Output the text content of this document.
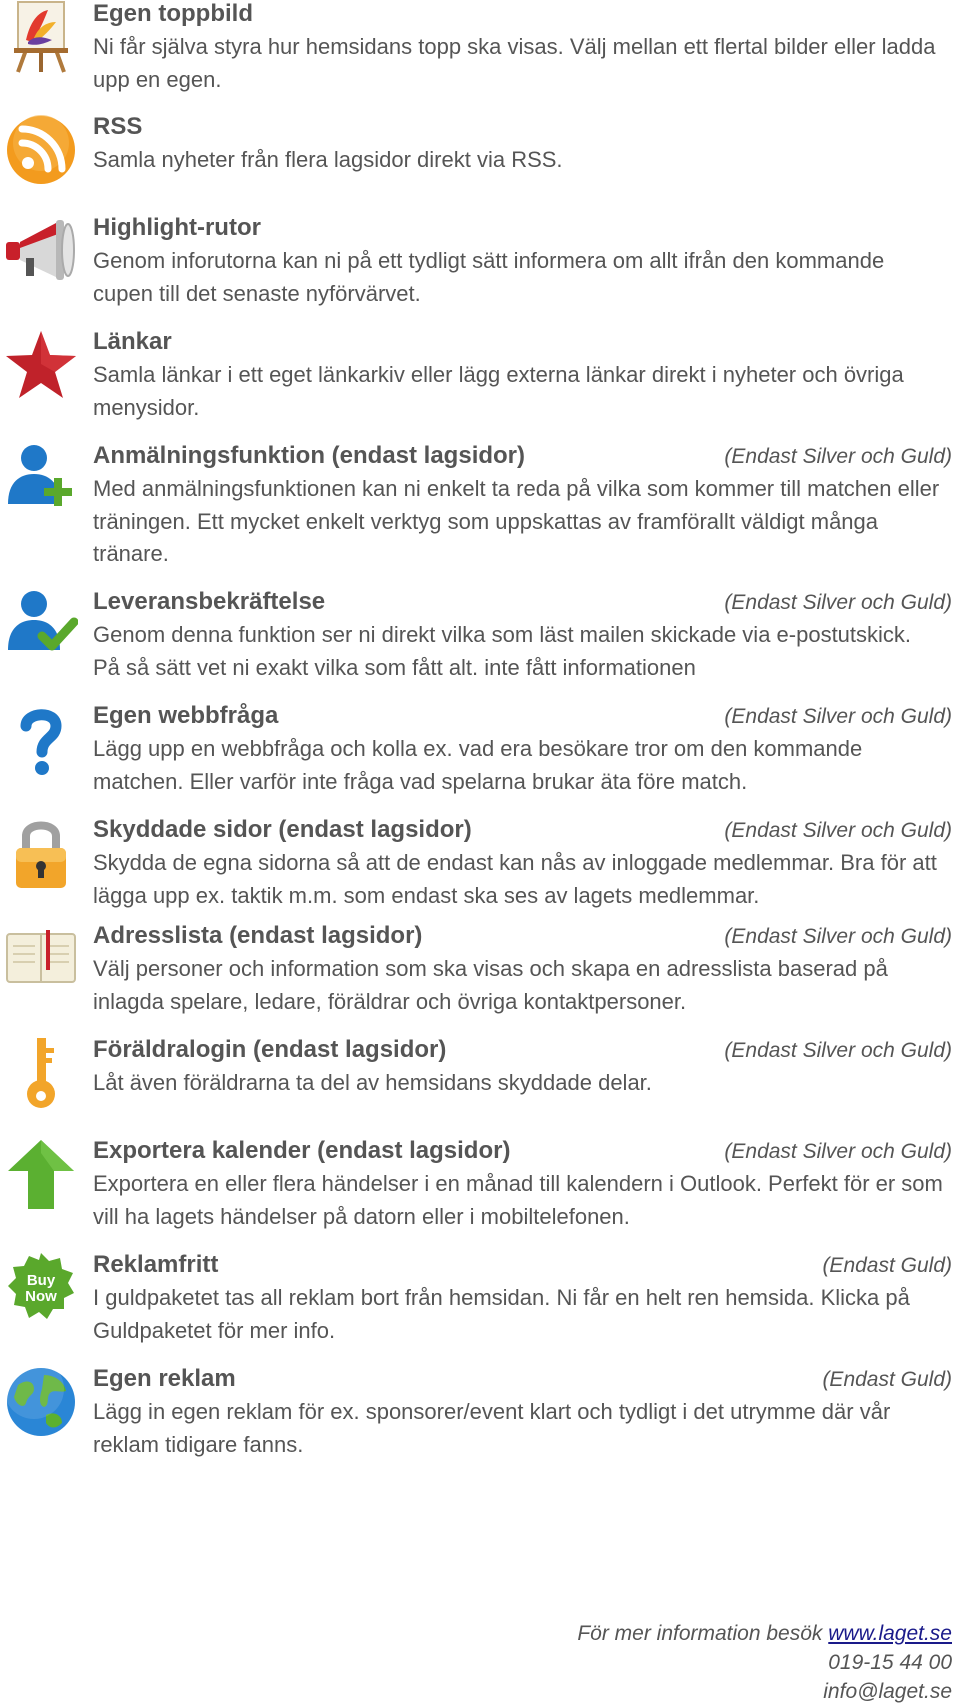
Egen toppbild
Ni får själva styra hur hemsidans topp ska visas. Välj mellan ett flertal bilder eller ladda upp en egen.
RSS
Samla nyheter från flera lagsidor direkt via RSS.
Highlight-rutor
Genom inforutorna kan ni på ett tydligt sätt informera om allt ifrån den kommande cupen till det senaste nyförvärvet.
Länkar
Samla länkar i ett eget länkarkiv eller lägg externa länkar direkt i nyheter och övriga menysidor.
Anmälningsfunktion (endast lagsidor)	(Endast Silver och Guld)
Med anmälningsfunktionen kan ni enkelt ta reda på vilka som kommer till matchen eller träningen. Ett mycket enkelt verktyg som uppskattas av framförallt väldigt många tränare.
Leveransbekräftelse	(Endast Silver och Guld)
Genom denna funktion ser ni direkt vilka som läst mailen skickade via e-postutskick. På så sätt vet ni exakt vilka som fått alt. inte fått informationen
Egen webbfråga	(Endast Silver och Guld)
Lägg upp en webbfråga och kolla ex. vad era besökare tror om den kommande matchen. Eller varför inte fråga vad spelarna brukar äta före match.
Skyddade sidor (endast lagsidor)	(Endast Silver och Guld)
Skydda de egna sidorna så att de endast kan nås av inloggade medlemmar. Bra för att lägga upp ex. taktik m.m. som endast ska ses av lagets medlemmar.
Adresslista (endast lagsidor)	(Endast Silver och Guld)
Välj personer och information som ska visas och skapa en adresslista baserad på inlagda spelare, ledare, föräldrar och övriga kontaktpersoner.
Föräldralogin (endast lagsidor)	(Endast Silver och Guld)
Låt även föräldrarna ta del av hemsidans skyddade delar.
Exportera kalender (endast lagsidor)	(Endast Silver och Guld)
Exportera en eller flera händelser i en månad till kalendern i Outlook. Perfekt för er som vill ha lagets händelser på datorn eller i mobiltelefonen.
Buy
Now
Reklamfritt	(Endast Guld)
I guldpaketet tas all reklam bort från hemsidan. Ni får en helt ren hemsida. Klicka på Guldpaketet för mer info.
Egen reklam	(Endast Guld)
Lägg in egen reklam för ex. sponsorer/event klart och tydligt i det utrymme där vår reklam tidigare fanns.
För mer information besök www.laget.se
019-15 44 00
info@laget.se
